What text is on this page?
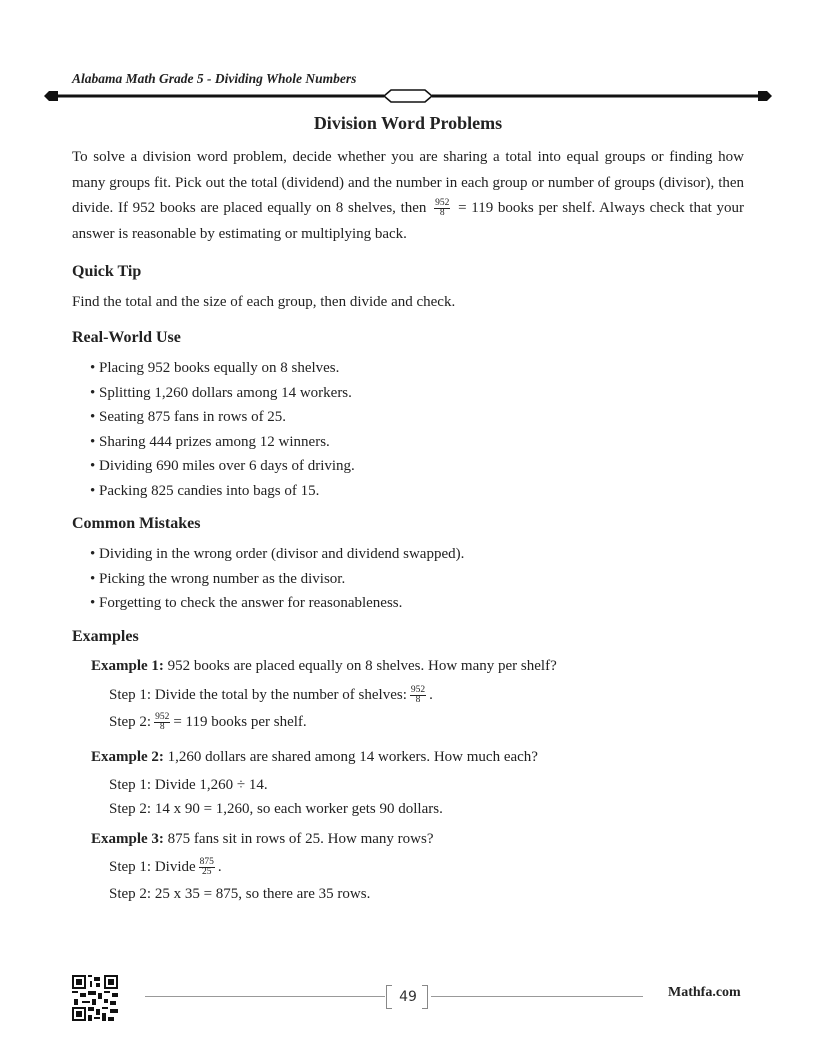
Alabama Math Grade 5 - Dividing Whole Numbers
Division Word Problems
To solve a division word problem, decide whether you are sharing a total into equal groups or finding how many groups fit. Pick out the total (dividend) and the number in each group or number of groups (divisor), then divide. If 952 books are placed equally on 8 shelves, then $\frac{952}{8} = 119$ books per shelf. Always check that your answer is reasonable by estimating or multiplying back.
Quick Tip
Find the total and the size of each group, then divide and check.
Real-World Use
• Placing 952 books equally on 8 shelves.
• Splitting 1,260 dollars among 14 workers.
• Seating 875 fans in rows of 25.
• Sharing 444 prizes among 12 winners.
• Dividing 690 miles over 6 days of driving.
• Packing 825 candies into bags of 15.
Common Mistakes
• Dividing in the wrong order (divisor and dividend swapped).
• Picking the wrong number as the divisor.
• Forgetting to check the answer for reasonableness.
Examples
Example 1: 952 books are placed equally on 8 shelves. How many per shelf?
Step 1: Divide the total by the number of shelves: $\frac{952}{8}$ .
Step 2: $\frac{952}{8} = 119$ books per shelf.
Example 2: 1,260 dollars are shared among 14 workers. How much each?
Step 1: Divide 1,260 ÷ 14.
Step 2: 14 x 90 = 1,260, so each worker gets 90 dollars.
Example 3: 875 fans sit in rows of 25. How many rows?
Step 1: Divide $\frac{875}{25}$ .
Step 2: 25 x 35 = 875, so there are 35 rows.
49	Mathfa.com
